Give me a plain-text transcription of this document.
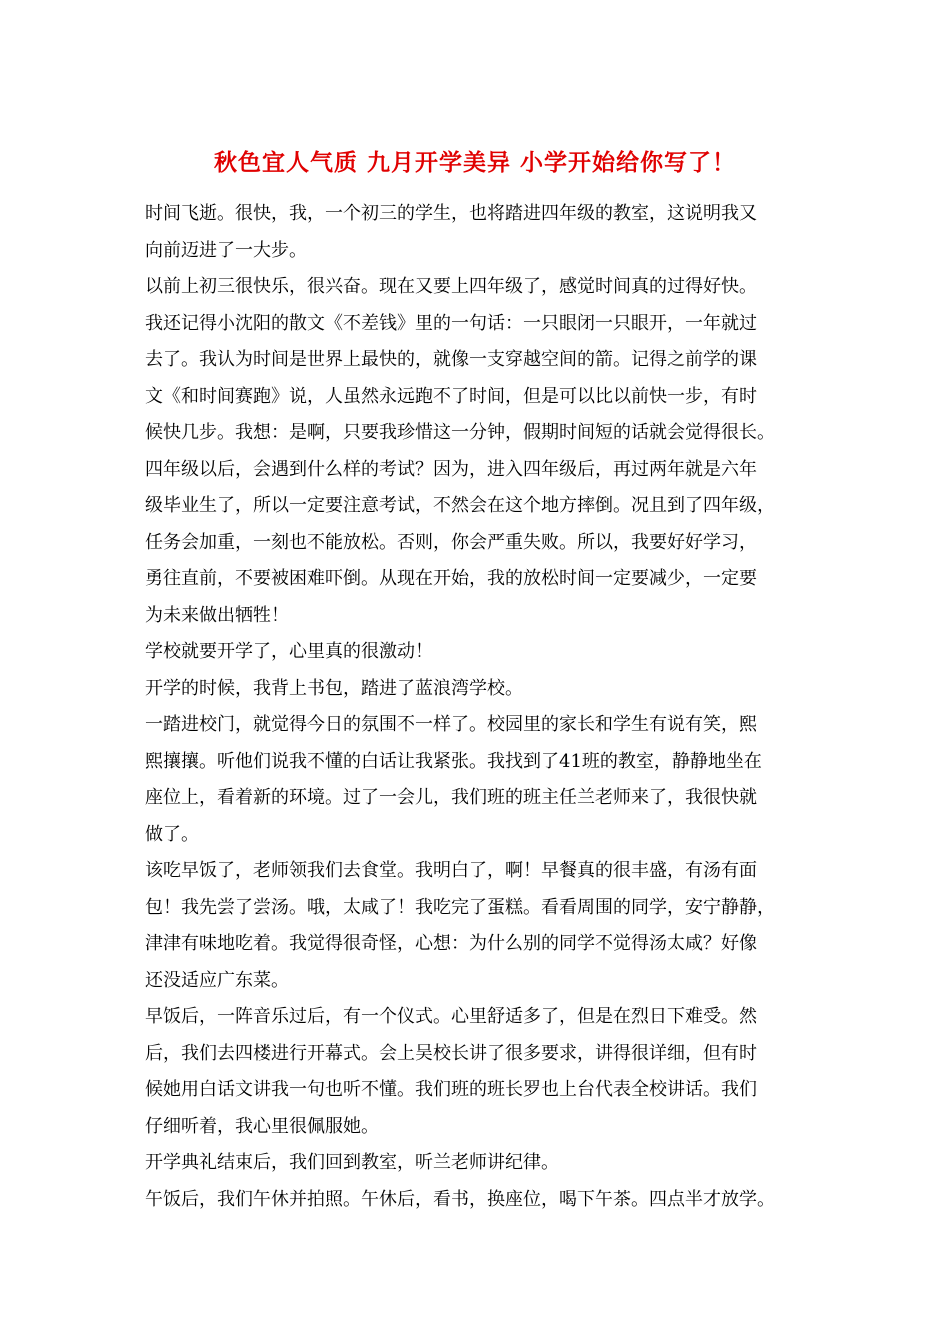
秋色宜人气质 九月开学美异 小学开始给你写了！
时间飞逝。很快，我，一个初三的学生，也将踏进四年级的教室，这说明我又
向前迈进了一大步。
以前上初三很快乐，很兴奋。现在又要上四年级了，感觉时间真的过得好快。
我还记得小沈阳的散文《不差钱》里的一句话：一只眼闭一只眼开，一年就过
去了。我认为时间是世界上最快的，就像一支穿越空间的箭。记得之前学的课
文《和时间赛跑》说，人虽然永远跑不了时间，但是可以比以前快一步，有时
候快几步。我想：是啊，只要我珍惜这一分钟，假期时间短的话就会觉得很长。
四年级以后，会遇到什么样的考试？因为，进入四年级后，再过两年就是六年
级毕业生了，所以一定要注意考试，不然会在这个地方摔倒。况且到了四年级，
任务会加重，一刻也不能放松。否则，你会严重失败。所以，我要好好学习，
勇往直前，不要被困难吓倒。从现在开始，我的放松时间一定要减少，一定要
为未来做出牺牲！
学校就要开学了，心里真的很激动！
开学的时候，我背上书包，踏进了蓝浪湾学校。
一踏进校门，就觉得今日的氛围不一样了。校园里的家长和学生有说有笑，熙
熙攘攘。听他们说我不懂的白话让我紧张。我找到了41班的教室，静静地坐在
座位上，看着新的环境。过了一会儿，我们班的班主任兰老师来了，我很快就
做了。
该吃早饭了，老师领我们去食堂。我明白了，啊！早餐真的很丰盛，有汤有面
包！我先尝了尝汤。哦，太咸了！我吃完了蛋糕。看看周围的同学，安宁静静，
津津有味地吃着。我觉得很奇怪，心想：为什么别的同学不觉得汤太咸？好像
还没适应广东菜。
早饭后，一阵音乐过后，有一个仪式。心里舒适多了，但是在烈日下难受。然
后，我们去四楼进行开幕式。会上吴校长讲了很多要求，讲得很详细，但有时
候她用白话文讲我一句也听不懂。我们班的班长罗也上台代表全校讲话。我们
仔细听着，我心里很佩服她。
开学典礼结束后，我们回到教室，听兰老师讲纪律。
午饭后，我们午休并拍照。午休后，看书，换座位，喝下午茶。四点半才放学。
